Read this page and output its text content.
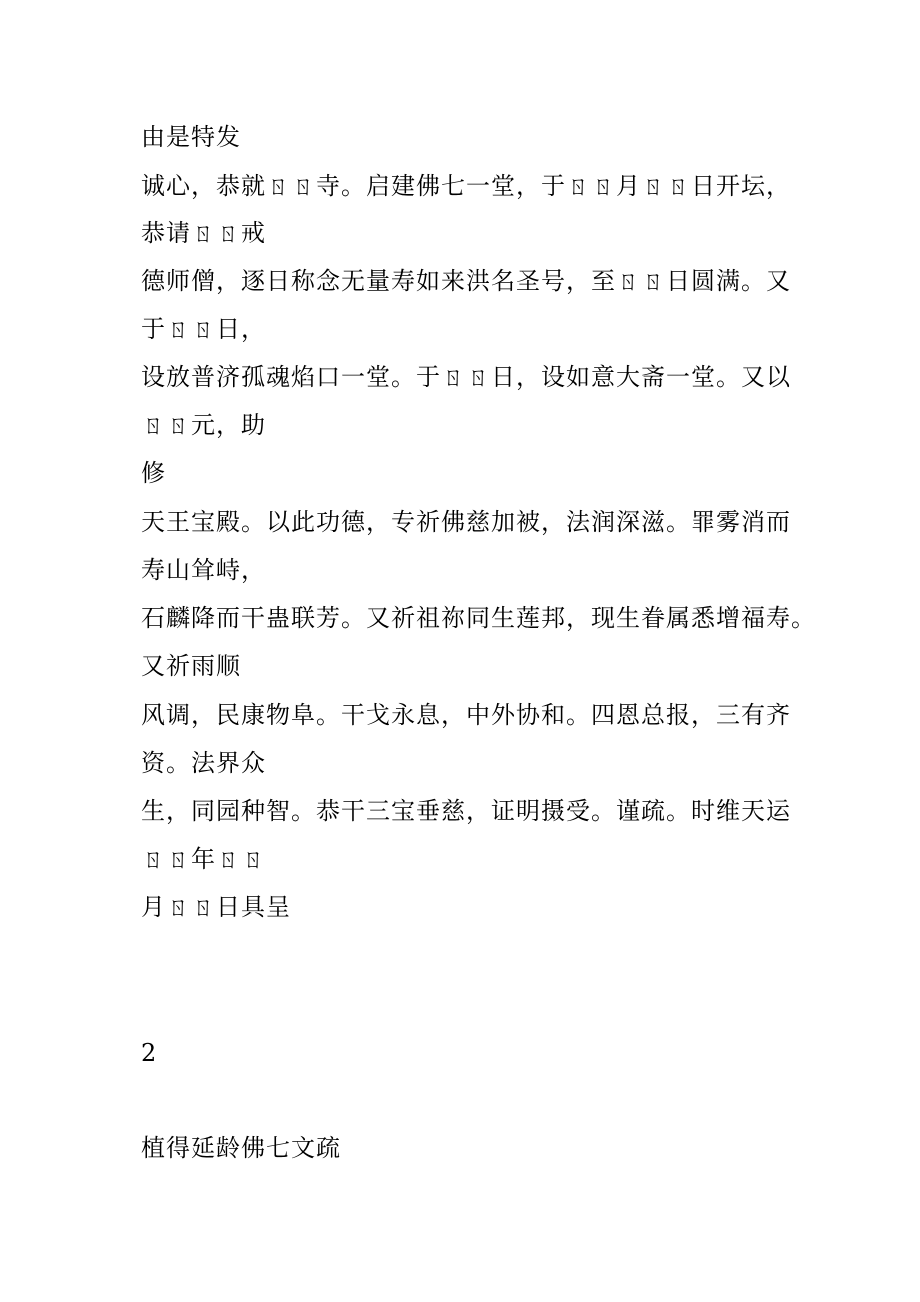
由是特发
诚心，恭就ㄖㄖ寺。启建佛七一堂，于ㄖㄖ月ㄖㄖ日开坛，
恭请ㄖㄖ戒
德师僧，逐日称念无量寿如来洪名圣号，至ㄖㄖ日圆满。又
于ㄖㄖ日，
设放普济孤魂焰口一堂。于ㄖㄖ日，设如意大斋一堂。又以
ㄖㄖ元，助
修
天王宝殿。以此功德，专祈佛慈加被，法润深滋。罪雾消而
寿山耸峙，
石麟降而干蛊联芳。又祈祖祢同生莲邦，现生眷属悉增福寿。
又祈雨顺
风调，民康物阜。干戈永息，中外协和。四恩总报，三有齐
资。法界众
生，同园种智。恭干三宝垂慈，证明摄受。谨疏。时维天运
ㄖㄖ年ㄖㄖ
月ㄖㄖ日具呈
2
植得延龄佛七文疏
